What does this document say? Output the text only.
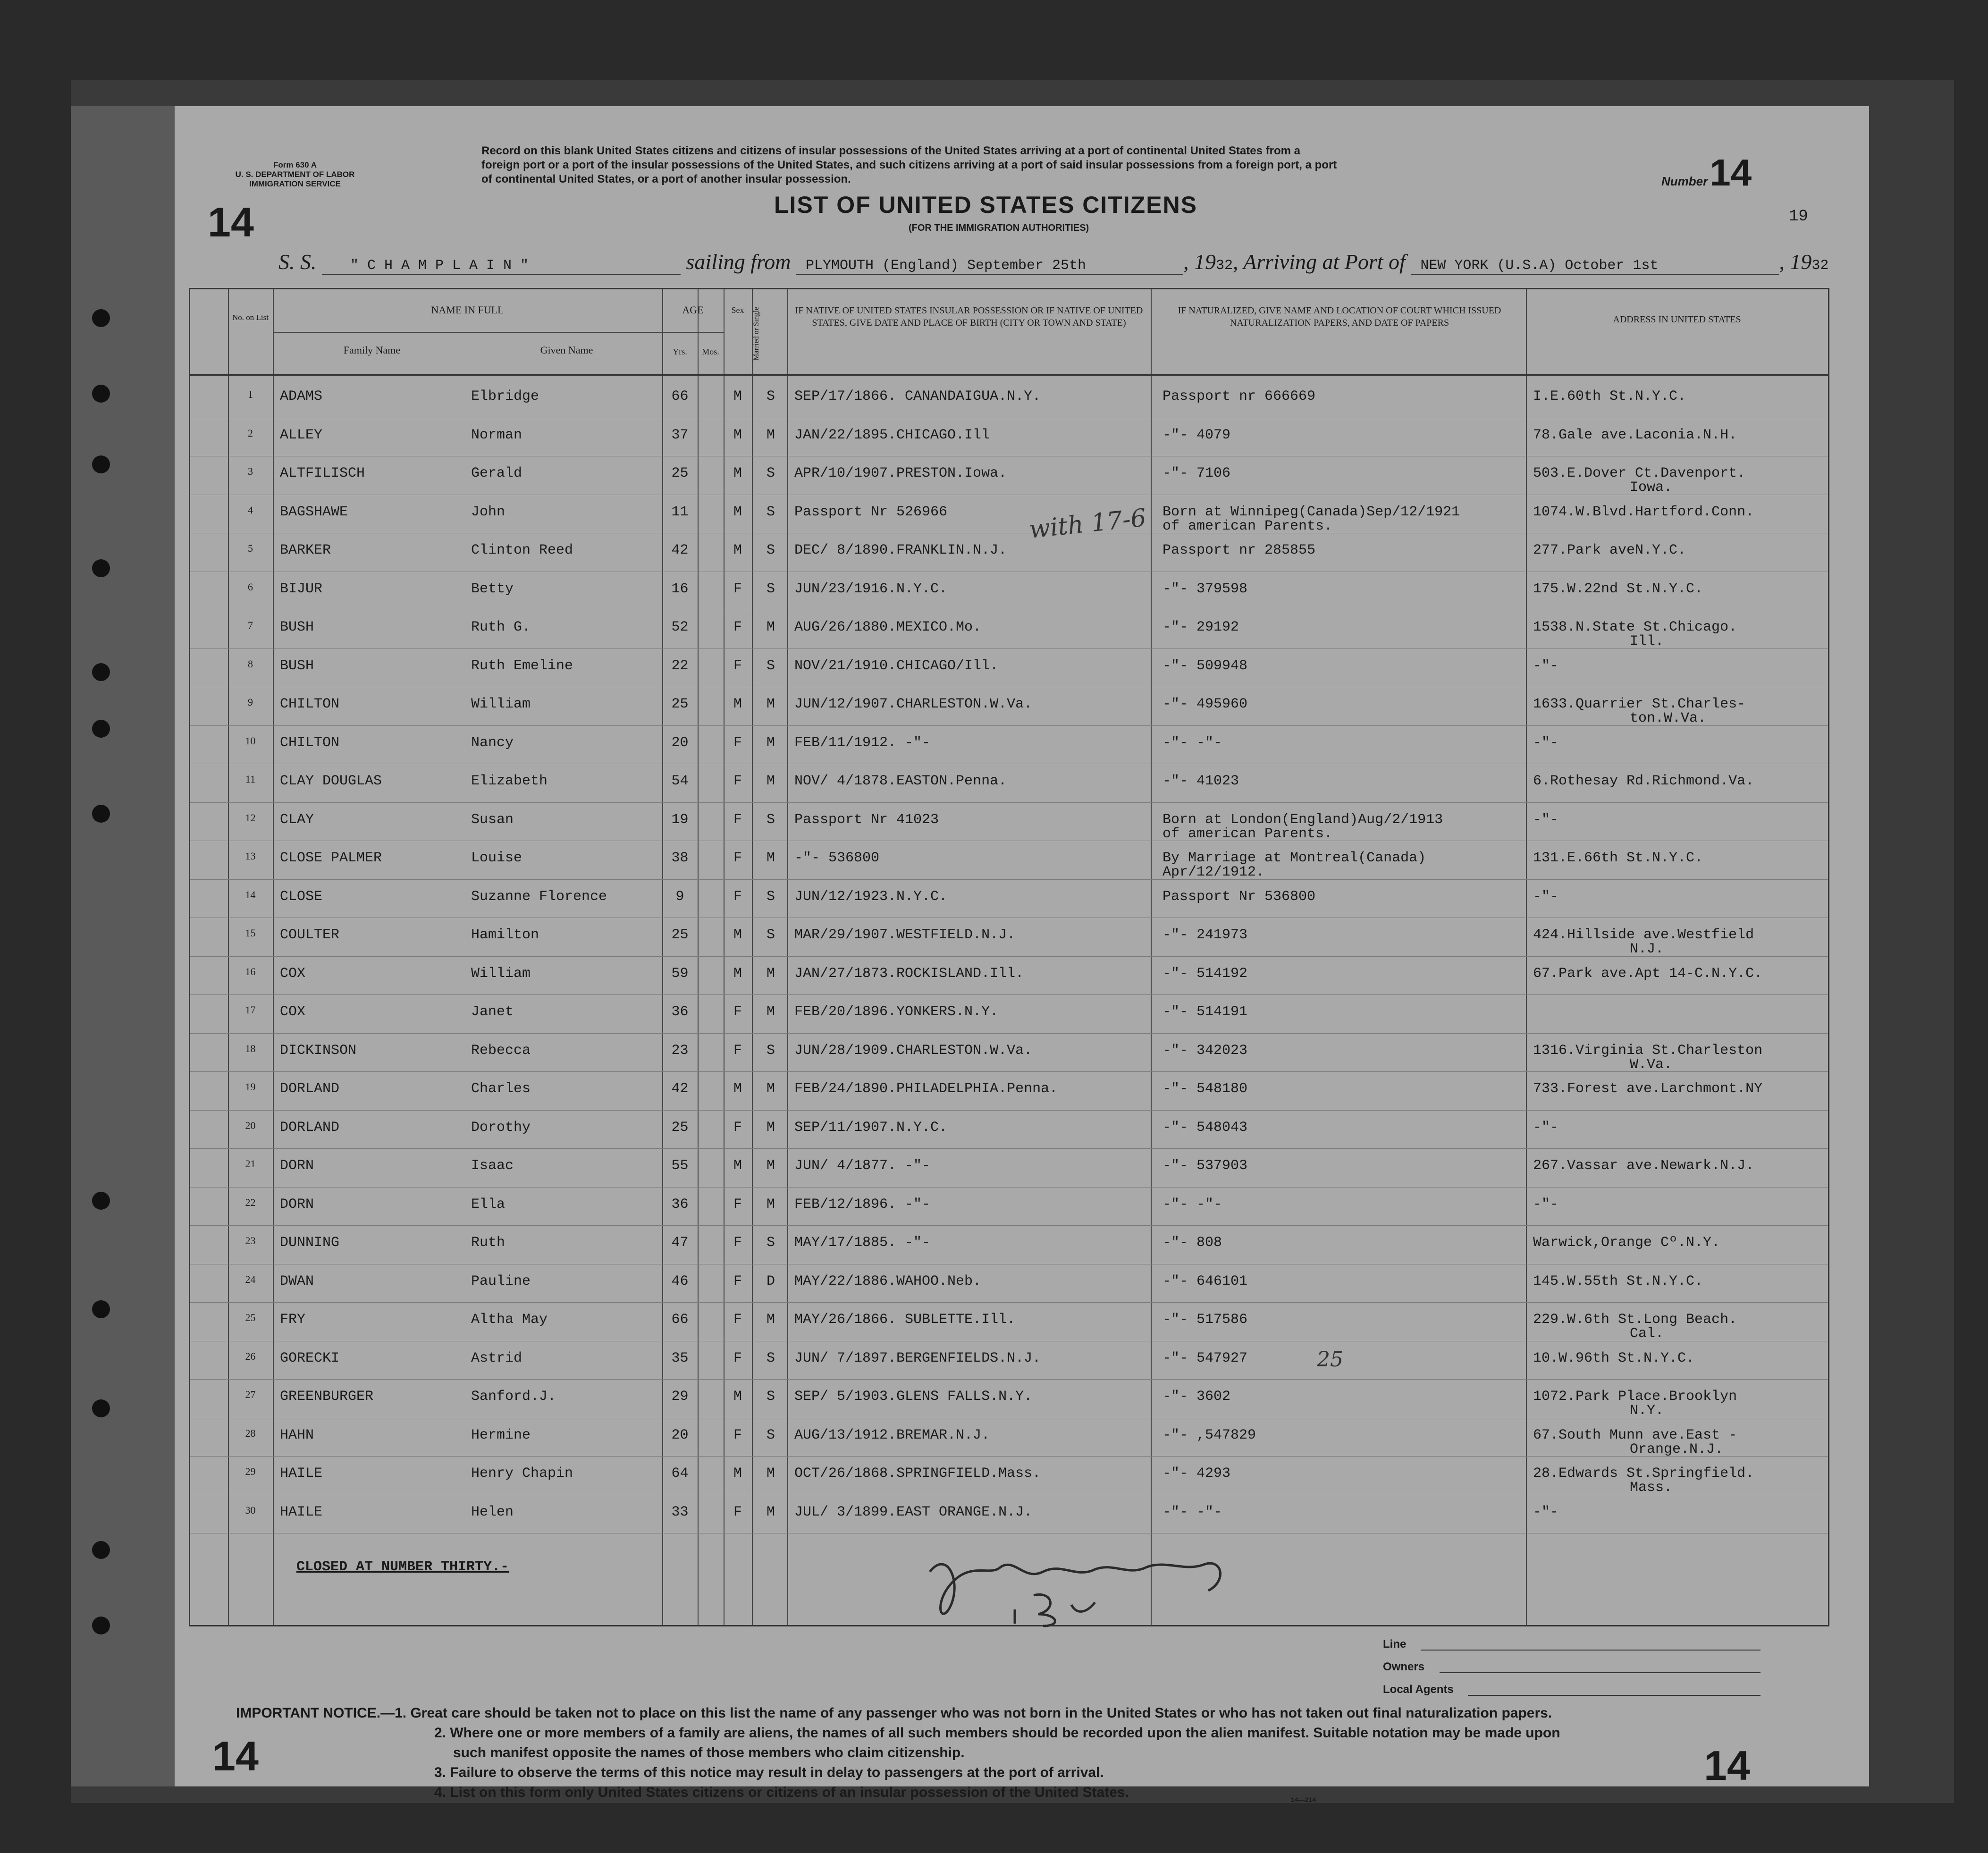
Form 630 A
U. S. DEPARTMENT OF LABOR
IMMIGRATION SERVICE
14
Record on this blank United States citizens and citizens of insular possessions of the United States arriving at a port of continental United States from a
foreign port or a port of the insular possessions of the United States, and such citizens arriving at a port of said insular possessions from a foreign port, a port
of continental United States, or a port of another insular possession.	Number 14
19
LIST OF UNITED STATES CITIZENS
(FOR THE IMMIGRATION AUTHORITIES)
S. S. " C H A M P L A I N "	sailing from PLYMOUTH (England) September 25th	, 1932, Arriving at Port of NEW YORK (U.S.A) October 1st	, 1932
No. on List
NAME IN FULL
Family Name	Given Name
AGE
Yrs.	Mos.
Sex	Married or Single	IF NATIVE OF UNITED STATES INSULAR POSSESSION OR IF NATIVE OF UNITED STATES, GIVE DATE AND PLACE OF BIRTH (CITY OR TOWN AND STATE)
IF NATURALIZED, GIVE NAME AND LOCATION OF COURT WHICH ISSUED NATURALIZATION PAPERS, AND DATE OF PAPERS	ADDRESS IN UNITED STATES
1	ADAMS	Elbridge	66	M	S	SEP/17/1866. CANANDAIGUA.N.Y.	Passport nr 666669	I.E.60th St.N.Y.C.
2	ALLEY	Norman	37	M	M	JAN/22/1895.CHICAGO.Ill	-"- 4079	78.Gale ave.Laconia.N.H.
3	ALTFILISCH	Gerald	25	M	S	APR/10/1907.PRESTON.Iowa.	-"- 7106	503.E.Dover Ct.Davenport.
Iowa.
4	BAGSHAWE	John	11	M	S	Passport Nr 526966	Born at Winnipeg(Canada)Sep/12/1921	1074.W.Blvd.Hartford.Conn.
of american Parents.
5	BARKER	Clinton Reed	42	M	S	DEC/ 8/1890.FRANKLIN.N.J.	Passport nr 285855	277.Park aveN.Y.C.
6	BIJUR	Betty	16	F	S	JUN/23/1916.N.Y.C.	-"- 379598	175.W.22nd St.N.Y.C.
7	BUSH	Ruth G.	52	F	M	AUG/26/1880.MEXICO.Mo.	-"- 29192	1538.N.State St.Chicago.
Ill.
8	BUSH	Ruth Emeline	22	F	S	NOV/21/1910.CHICAGO/Ill.	-"- 509948	-"-
9	CHILTON	William	25	M	M	JUN/12/1907.CHARLESTON.W.Va.	-"- 495960	1633.Quarrier St.Charles-
ton.W.Va.
10	CHILTON	Nancy	20	F	M	FEB/11/1912. -"-	-"- -"-	-"-
11	CLAY DOUGLAS	Elizabeth	54	F	M	NOV/ 4/1878.EASTON.Penna.	-"- 41023	6.Rothesay Rd.Richmond.Va.
12	CLAY	Susan	19	F	S	Passport Nr 41023	Born at London(England)Aug/2/1913	-"-
of american Parents.
13	CLOSE PALMER	Louise	38	F	M	-"- 536800	By Marriage at Montreal(Canada)	131.E.66th St.N.Y.C.
Apr/12/1912.
14	CLOSE	Suzanne Florence	9	F	S	JUN/12/1923.N.Y.C.	Passport Nr 536800	-"-
15	COULTER	Hamilton	25	M	S	MAR/29/1907.WESTFIELD.N.J.	-"- 241973	424.Hillside ave.Westfield
N.J.
16	COX	William	59	M	M	JAN/27/1873.ROCKISLAND.Ill.	-"- 514192	67.Park ave.Apt 14-C.N.Y.C.
17	COX	Janet	36	F	M	FEB/20/1896.YONKERS.N.Y.	-"- 514191
18	DICKINSON	Rebecca	23	F	S	JUN/28/1909.CHARLESTON.W.Va.	-"- 342023	1316.Virginia St.Charleston
W.Va.
19	DORLAND	Charles	42	M	M	FEB/24/1890.PHILADELPHIA.Penna.	-"- 548180	733.Forest ave.Larchmont.NY
20	DORLAND	Dorothy	25	F	M	SEP/11/1907.N.Y.C.	-"- 548043	-"-
21	DORN	Isaac	55	M	M	JUN/ 4/1877. -"-	-"- 537903	267.Vassar ave.Newark.N.J.
22	DORN	Ella	36	F	M	FEB/12/1896. -"-	-"- -"-	-"-
23	DUNNING	Ruth	47	F	S	MAY/17/1885. -"-	-"- 808	Warwick,Orange Cº.N.Y.
24	DWAN	Pauline	46	F	D	MAY/22/1886.WAHOO.Neb.	-"- 646101	145.W.55th St.N.Y.C.
25	FRY	Altha May	66	F	M	MAY/26/1866. SUBLETTE.Ill.	-"- 517586	229.W.6th St.Long Beach.
Cal.
26	GORECKI	Astrid	35	F	S	JUN/ 7/1897.BERGENFIELDS.N.J.	-"- 547927	10.W.96th St.N.Y.C.
27	GREENBURGER	Sanford.J.	29	M	S	SEP/ 5/1903.GLENS FALLS.N.Y.	-"- 3602	1072.Park Place.Brooklyn
N.Y.
28	HAHN	Hermine	20	F	S	AUG/13/1912.BREMAR.N.J.	-"- ,547829	67.South Munn ave.East -
Orange.N.J.
29	HAILE	Henry Chapin	64	M	M	OCT/26/1868.SPRINGFIELD.Mass.	-"- 4293	28.Edwards St.Springfield.
Mass.
30	HAILE	Helen	33	F	M	JUL/ 3/1899.EAST ORANGE.N.J.	-"- -"-	-"-
CLOSED AT NUMBER THIRTY.-
with 17-6
25
Line
Owners
Local Agents
IMPORTANT NOTICE.—1. Great care should be taken not to place on this list the name of any passenger who was not born in the United States or who has not taken out final naturalization papers.
2. Where one or more members of a family are aliens, the names of all such members should be recorded upon the alien manifest. Suitable notation may be made upon
such manifest opposite the names of those members who claim citizenship.
3. Failure to observe the terms of this notice may result in delay to passengers at the port of arrival.
4. List on this form only United States citizens or citizens of an insular possession of the United States.	14—214
14	14
